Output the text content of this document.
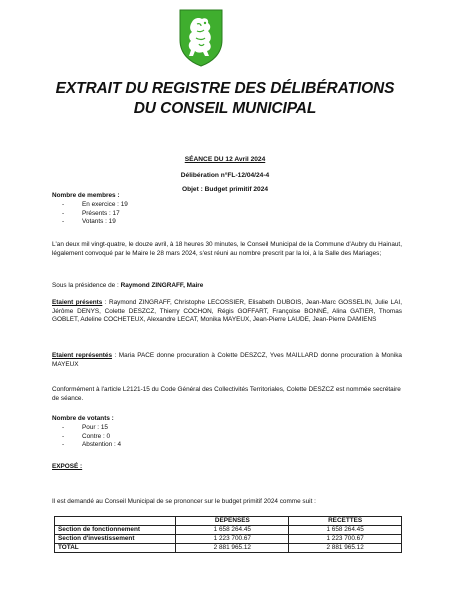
EXTRAIT DU REGISTRE DES DÉLIBÉRATIONS
DU CONSEIL MUNICIPAL
SÉANCE DU 12 Avril 2024
Délibération n°FL-12/04/24-4
Objet : Budget primitif 2024
Nombre de membres :
-	En exercice : 19
-	Présents : 17
-	Votants : 19
L'an deux mil vingt-quatre, le douze avril, à 18 heures 30 minutes, le Conseil Municipal de la Commune d'Aubry du Hainaut, légalement convoqué par le Maire le 28 mars 2024, s'est réuni au nombre prescrit par la loi, à la Salle des Mariages;
Sous la présidence de : Raymond ZINGRAFF, Maire
Etaient présents : Raymond ZINGRAFF, Christophe LECOSSIER, Elisabeth DUBOIS, Jean-Marc GOSSELIN, Julie LAI, Jérôme DENYS, Colette DESZCZ, Thierry COCHON, Régis GOFFART, Françoise BONNÉ, Alina GATIER, Thomas GOBLET, Adeline COCHETEUX, Alexandre LECAT, Monika MAYEUX, Jean-Pierre LAUDE, Jean-Pierre DAMIENS
Etaient représentés : Maria PACE donne procuration à Colette DESZCZ, Yves MAILLARD donne procuration à Monika MAYEUX
Conformément à l'article L2121-15 du Code Général des Collectivités Territoriales, Colette DESZCZ est nommée secrétaire de séance.
Nombre de votants :
-	Pour : 15
-	Contre : 0
-	Abstention : 4
EXPOSÉ :
Il est demandé au Conseil Municipal de se prononcer sur le budget primitif 2024 comme suit :
	DEPENSES	RECETTES
Section de fonctionnement	1 658 264.45	1 658 264.45
Section d'investissement	1 223 700.67	1 223 700.67
TOTAL	2 881 965.12	2 881 965.12
